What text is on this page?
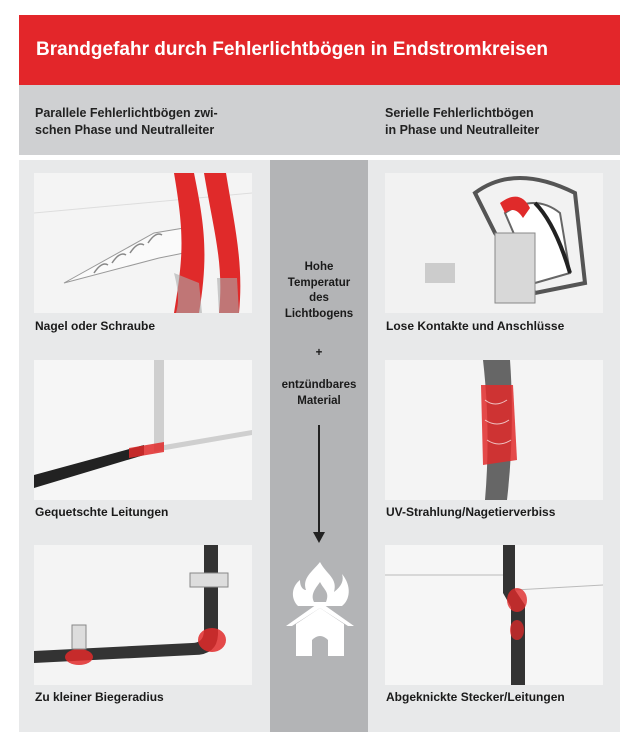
Brandgefahr durch Fehlerlichtbögen in Endstromkreisen
Parallele Fehlerlichtbögen zwi-
schen Phase und Neutralleiter
Serielle Fehlerlichtbögen
in Phase und Neutralleiter
Nagel oder Schraube
Gequetschte Leitungen
Zu kleiner Biegeradius
Hohe
Temperatur
des
Lichtbogens
+
entzündbares
Material
Lose Kontakte und Anschlüsse
UV-Strahlung/Nagetierverbiss
Abgeknickte Stecker/Leitungen
